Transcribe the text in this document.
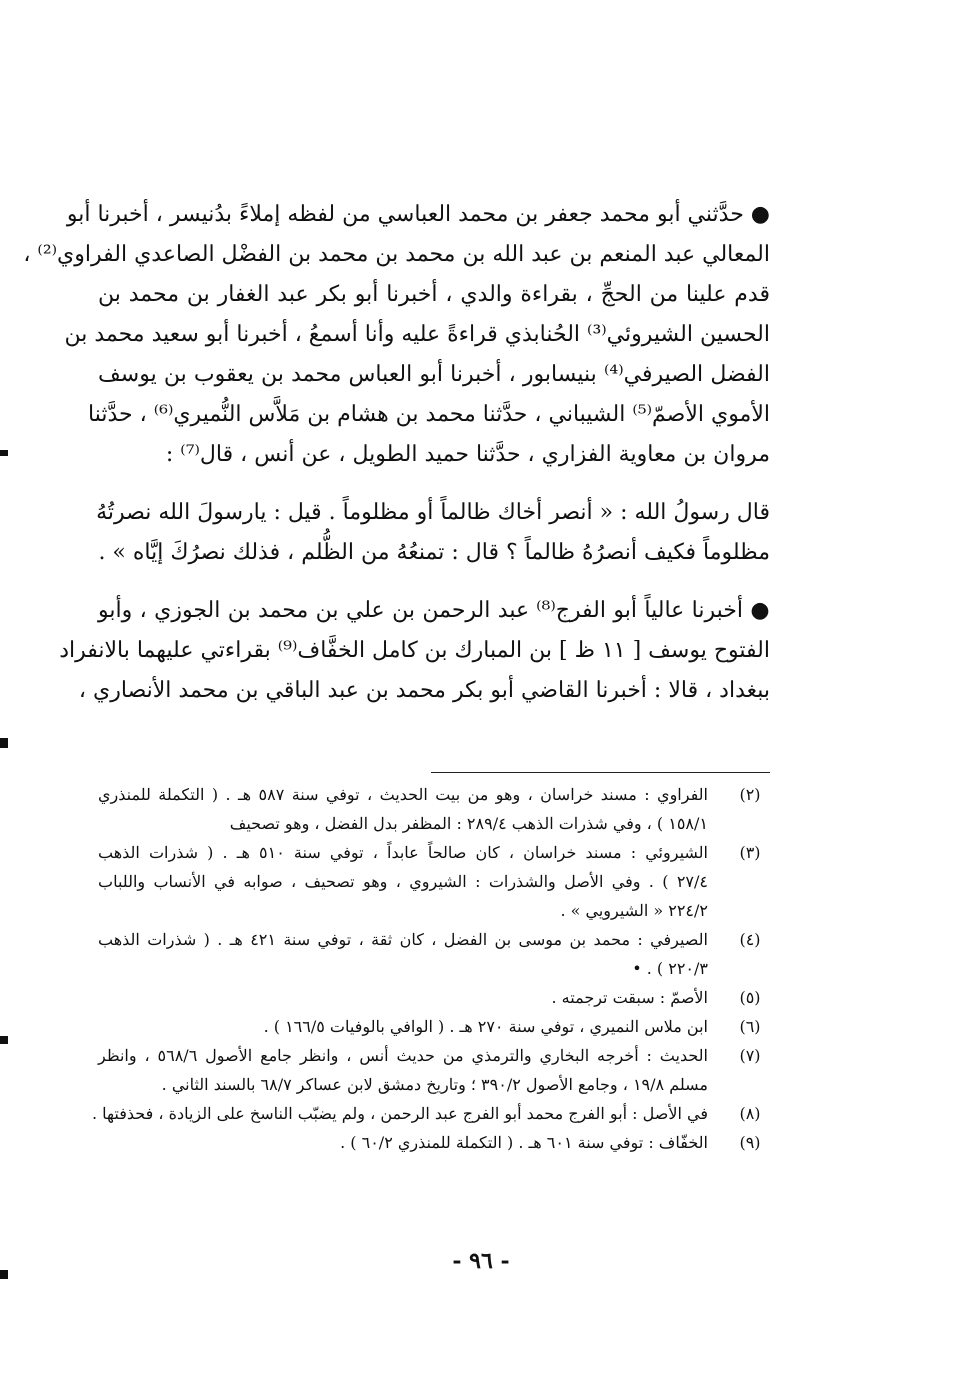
● حدَّثني أبو محمد جعفر بن محمد العباسي من لفظه إملاءً بدُنيسر ، أخبرنا أبو
المعالي عبد المنعم بن عبد الله بن محمد بن محمد بن الفضْل الصاعدي الفراوي⁽²⁾ ،
قدم علينا من الحجِّ ، بقراءة والدي ، أخبرنا أبو بكر عبد الغفار بن محمد بن
الحسين الشيروئي⁽³⁾ الحُنابذي قراءةً عليه وأنا أسمعُ ، أخبرنا أبو سعيد محمد بن
الفضل الصيرفي⁽⁴⁾ بنيسابور ، أخبرنا أبو العباس محمد بن يعقوب بن يوسف
الأموي الأصمّ⁽⁵⁾ الشيباني ، حدَّثنا محمد بن هشام بن مَلاَّس النُّميري⁽⁶⁾ ، حدَّثنا
مروان بن معاوية الفزاري ، حدَّثنا حميد الطويل ، عن أنس ، قال⁽⁷⁾ :
قال رسولُ الله : « أنصر أخاك ظالماً أو مظلوماً . قيل : يارسولَ الله نصرتُهُ
مظلوماً فكيف أنصرُهُ ظالماً ؟ قال : تمنعُهُ من الظُّلم ، فذلك نصرُكَ إيَّاه » .
● أخبرنا عالياً أبو الفرج⁽⁸⁾ عبد الرحمن بن علي بن محمد بن الجوزي ، وأبو
الفتوح يوسف [ ١١ ظ ] بن المبارك بن كامل الخفَّاف⁽⁹⁾ بقراءتي عليهما بالانفراد
ببغداد ، قالا : أخبرنا القاضي أبو بكر محمد بن عبد الباقي بن محمد الأنصاري ،
(٢)
الفراوي : مسند خراسان ، وهو من بيت الحديث ، توفي سنة ٥٨٧ هـ . ( التكملة للمنذري
١٥٨/١ ) ، وفي شذرات الذهب ٢٨٩/٤ : المظفر بدل الفضل ، وهو تصحيف
(٣)
الشيروئي : مسند خراسان ، كان صالحاً عابداً ، توفي سنة ٥١٠ هـ . ( شذرات الذهب
٢٧/٤ ) . وفي الأصل والشذرات : الشيروي ، وهو تصحيف ، صوابه في الأنساب واللباب
٢٢٤/٢ « الشيرويي » .
(٤)
الصيرفي : محمد بن موسى بن الفضل ، كان ثقة ، توفي سنة ٤٢١ هـ . ( شذرات الذهب
٢٢٠/٣ ) . •
(٥)
الأصمّ : سبقت ترجمته .
(٦)
ابن ملاس النميري ، توفي سنة ٢٧٠ هـ . ( الوافي بالوفيات ١٦٦/٥ ) .
(٧)
الحديث : أخرجه البخاري والترمذي من حديث أنس ، وانظر جامع الأصول ٥٦٨/٦ ، وانظر
مسلم ١٩/٨ ، وجامع الأصول ٣٩٠/٢ ؛ وتاريخ دمشق لابن عساكر ٦٨/٧ بالسند الثاني .
(٨)
في الأصل : أبو الفرج محمد أبو الفرج عبد الرحمن ، ولم يضبّب الناسخ على الزيادة ، فحذفتها .
(٩)
الخفّاف : توفي سنة ٦٠١ هـ . ( التكملة للمنذري ٦٠/٢ ) .
- ٩٦ -
